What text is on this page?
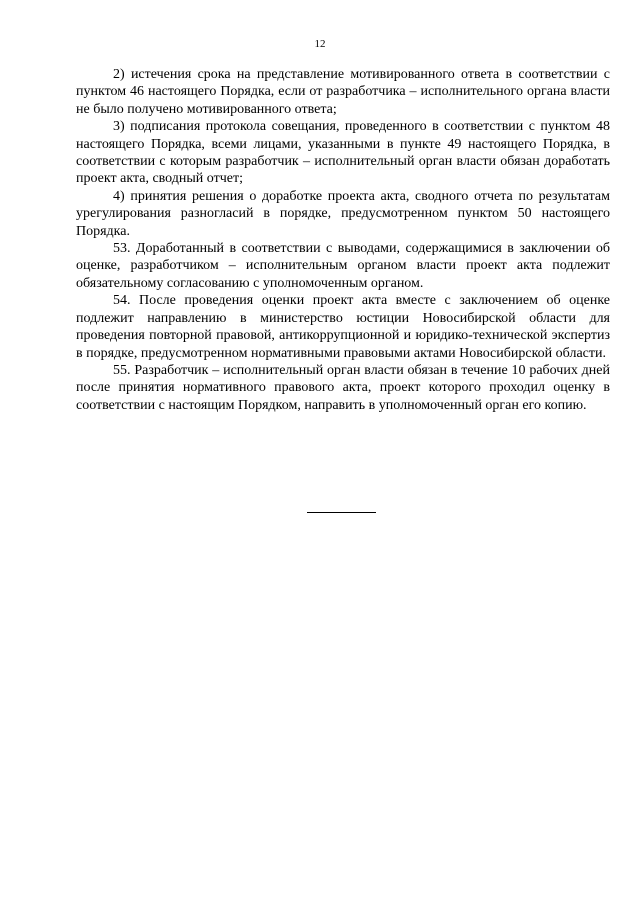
12

2) истечения срока на представление мотивированного ответа в соответствии с пунктом 46 настоящего Порядка, если от разработчика – исполнительного органа власти не было получено мотивированного ответа;

3) подписания протокола совещания, проведенного в соответствии с пунктом 48 настоящего Порядка, всеми лицами, указанными в пункте 49 настоящего Порядка, в соответствии с которым разработчик – исполнительный орган власти обязан доработать проект акта, сводный отчет;

4) принятия решения о доработке проекта акта, сводного отчета по результатам урегулирования разногласий в порядке, предусмотренном пунктом 50 настоящего Порядка.

53. Доработанный в соответствии с выводами, содержащимися в заключении об оценке, разработчиком – исполнительным органом власти проект акта подлежит обязательному согласованию с уполномоченным органом.

54. После проведения оценки проект акта вместе с заключением об оценке подлежит направлению в министерство юстиции Новосибирской области для проведения повторной правовой, антикоррупционной и юридико-технической экспертиз в порядке, предусмотренном нормативными правовыми актами Новосибирской области.

55. Разработчик – исполнительный орган власти обязан в течение 10 рабочих дней после принятия нормативного правового акта, проект которого проходил оценку в соответствии с настоящим Порядком, направить в уполномоченный орган его копию.
